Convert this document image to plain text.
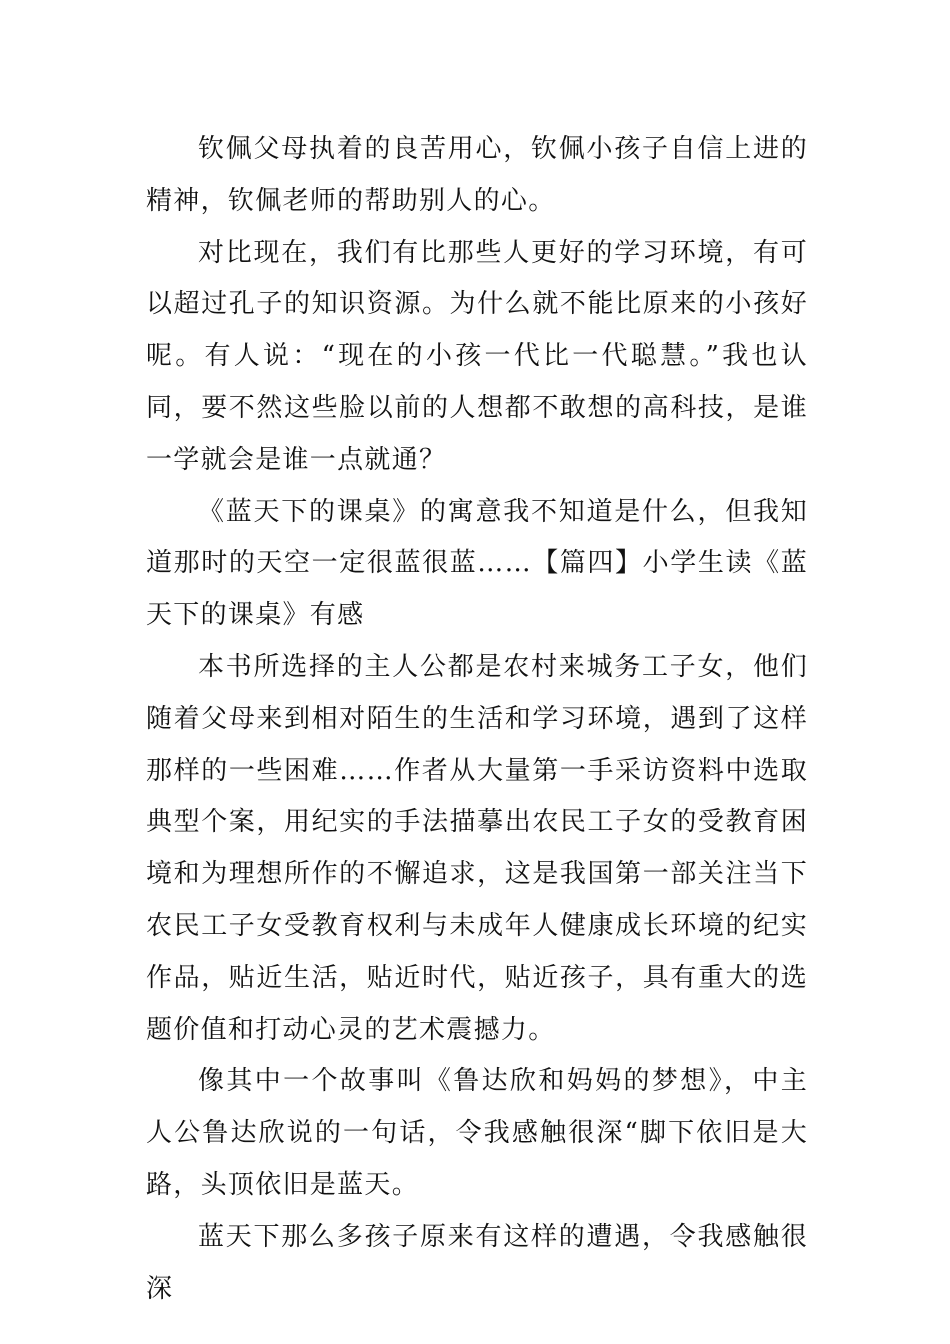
钦佩父母执着的良苦用心，钦佩小孩子自信上进的精神，钦佩老师的帮助别人的心。

对比现在，我们有比那些人更好的学习环境，有可以超过孔子的知识资源。为什么就不能比原来的小孩好呢。有人说：“现在的小孩一代比一代聪慧。”我也认同，要不然这些脸以前的人想都不敢想的高科技，是谁一学就会是谁一点就通？

《蓝天下的课桌》的寓意我不知道是什么，但我知道那时的天空一定很蓝很蓝……【篇四】小学生读《蓝天下的课桌》有感

本书所选择的主人公都是农村来城务工子女，他们随着父母来到相对陌生的生活和学习环境，遇到了这样那样的一些困难……作者从大量第一手采访资料中选取典型个案，用纪实的手法描摹出农民工子女的受教育困境和为理想所作的不懈追求，这是我国第一部关注当下农民工子女受教育权利与未成年人健康成长环境的纪实作品，贴近生活，贴近时代，贴近孩子，具有重大的选题价值和打动心灵的艺术震撼力。

像其中一个故事叫《鲁达欣和妈妈的梦想》，中主人公鲁达欣说的一句话，令我感触很深“脚下依旧是大路，头顶依旧是蓝天。

蓝天下那么多孩子原来有这样的遭遇，令我感触很深
